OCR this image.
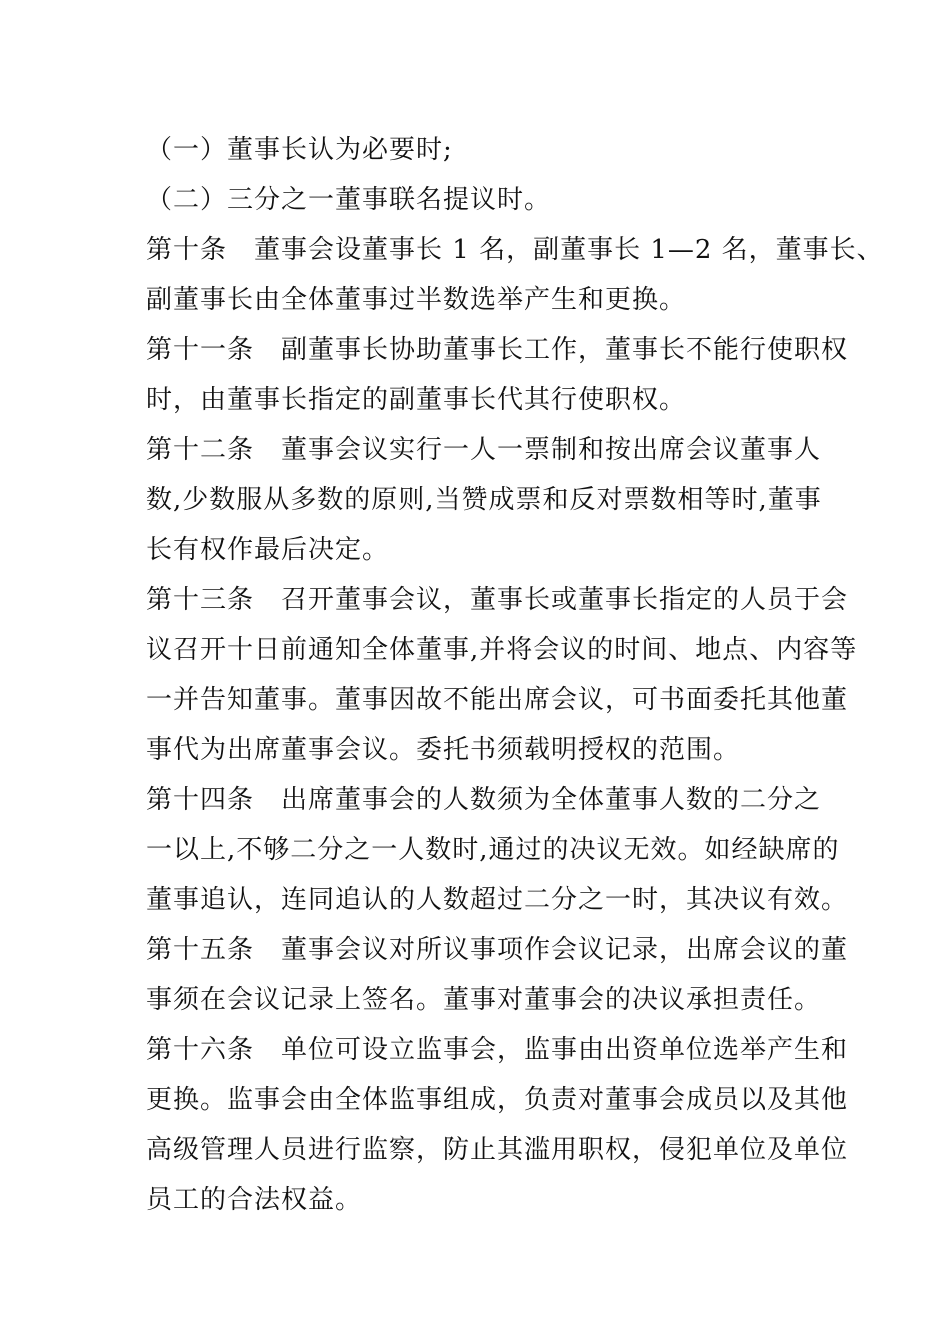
（一）董事长认为必要时;
（二）三分之一董事联名提议时。
第十条　董事会设董事长 1 名，副董事长 1—2 名，董事长、
副董事长由全体董事过半数选举产生和更换。
第十一条　副董事长协助董事长工作，董事长不能行使职权
时，由董事长指定的副董事长代其行使职权。
第十二条　董事会议实行一人一票制和按出席会议董事人
数,少数服从多数的原则,当赞成票和反对票数相等时,董事
长有权作最后决定。
第十三条　召开董事会议，董事长或董事长指定的人员于会
议召开十日前通知全体董事,并将会议的时间、地点、内容等
一并告知董事。董事因故不能出席会议，可书面委托其他董
事代为出席董事会议。委托书须载明授权的范围。
第十四条　出席董事会的人数须为全体董事人数的二分之
一以上,不够二分之一人数时,通过的决议无效。如经缺席的
董事追认，连同追认的人数超过二分之一时，其决议有效。
第十五条　董事会议对所议事项作会议记录，出席会议的董
事须在会议记录上签名。董事对董事会的决议承担责任。
第十六条　单位可设立监事会，监事由出资单位选举产生和
更换。监事会由全体监事组成，负责对董事会成员以及其他
高级管理人员进行监察，防止其滥用职权，侵犯单位及单位
员工的合法权益。
